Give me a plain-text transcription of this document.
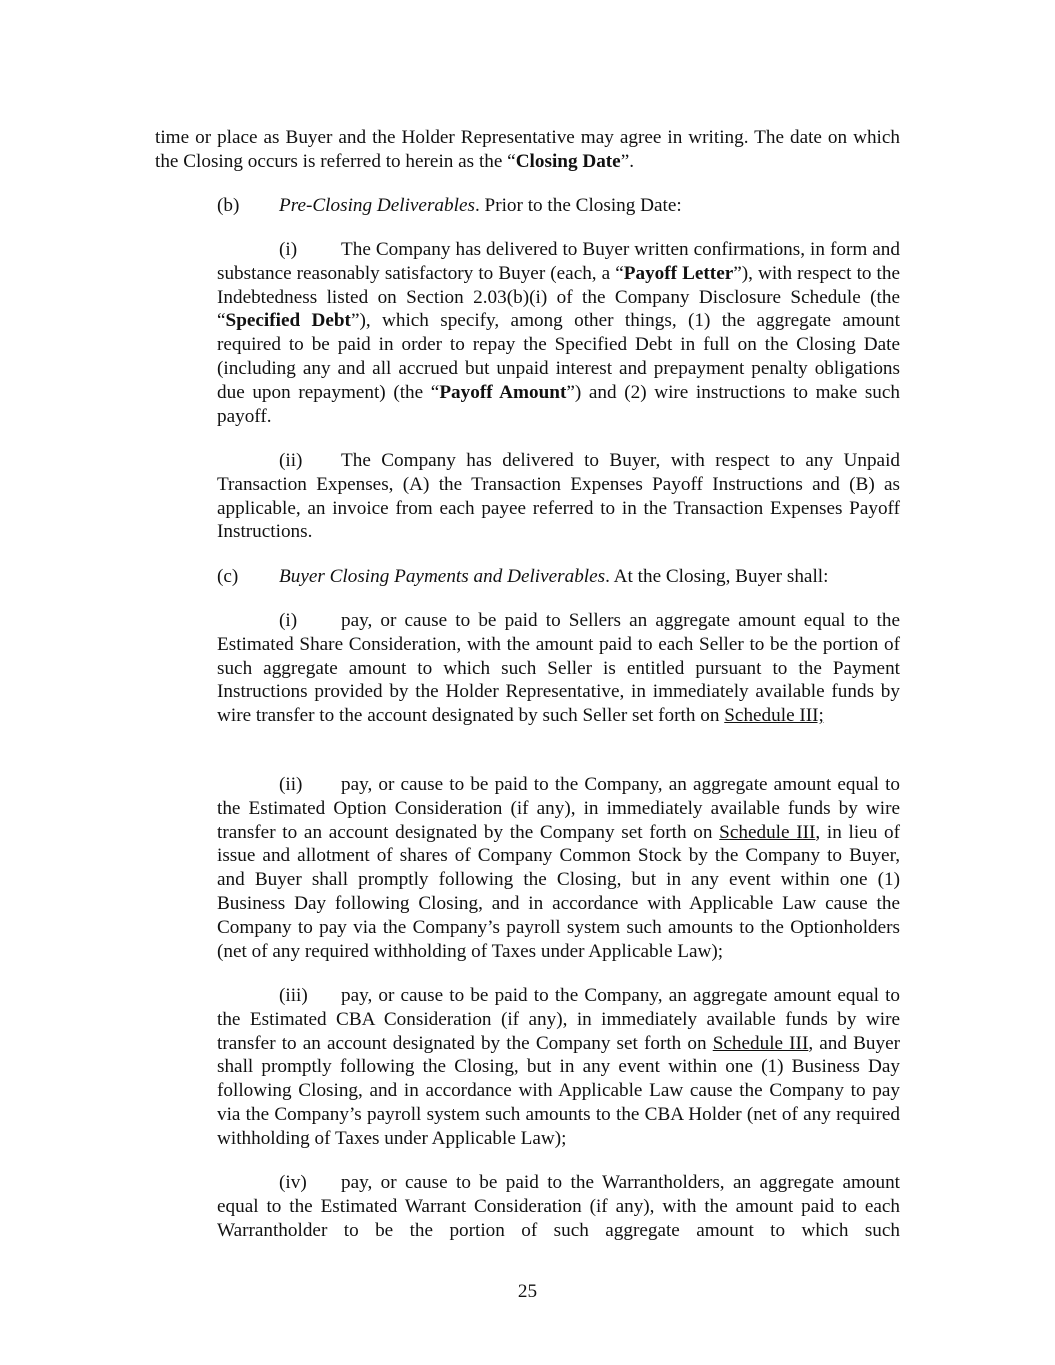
time or place as Buyer and the Holder Representative may agree in writing. The date on which the Closing occurs is referred to herein as the “Closing Date”.

(b) Pre-Closing Deliverables. Prior to the Closing Date:

(i) The Company has delivered to Buyer written confirmations, in form and substance reasonably satisfactory to Buyer (each, a “Payoff Letter”), with respect to the Indebtedness listed on Section 2.03(b)(i) of the Company Disclosure Schedule (the “Specified Debt”), which specify, among other things, (1) the aggregate amount required to be paid in order to repay the Specified Debt in full on the Closing Date (including any and all accrued but unpaid interest and prepayment penalty obligations due upon repayment) (the “Payoff Amount”) and (2) wire instructions to make such payoff.

(ii) The Company has delivered to Buyer, with respect to any Unpaid Transaction Expenses, (A) the Transaction Expenses Payoff Instructions and (B) as applicable, an invoice from each payee referred to in the Transaction Expenses Payoff Instructions.

(c) Buyer Closing Payments and Deliverables. At the Closing, Buyer shall:

(i) pay, or cause to be paid to Sellers an aggregate amount equal to the Estimated Share Consideration, with the amount paid to each Seller to be the portion of such aggregate amount to which such Seller is entitled pursuant to the Payment Instructions provided by the Holder Representative, in immediately available funds by wire transfer to the account designated by such Seller set forth on Schedule III;

(ii) pay, or cause to be paid to the Company, an aggregate amount equal to the Estimated Option Consideration (if any), in immediately available funds by wire transfer to an account designated by the Company set forth on Schedule III, in lieu of issue and allotment of shares of Company Common Stock by the Company to Buyer, and Buyer shall promptly following the Closing, but in any event within one (1) Business Day following Closing, and in accordance with Applicable Law cause the Company to pay via the Company’s payroll system such amounts to the Optionholders (net of any required withholding of Taxes under Applicable Law);

(iii) pay, or cause to be paid to the Company, an aggregate amount equal to the Estimated CBA Consideration (if any), in immediately available funds by wire transfer to an account designated by the Company set forth on Schedule III, and Buyer shall promptly following the Closing, but in any event within one (1) Business Day following Closing, and in accordance with Applicable Law cause the Company to pay via the Company’s payroll system such amounts to the CBA Holder (net of any required withholding of Taxes under Applicable Law);

(iv) pay, or cause to be paid to the Warrantholders, an aggregate amount equal to the Estimated Warrant Consideration (if any), with the amount paid to each Warrantholder to be the portion of such aggregate amount to which such

25
